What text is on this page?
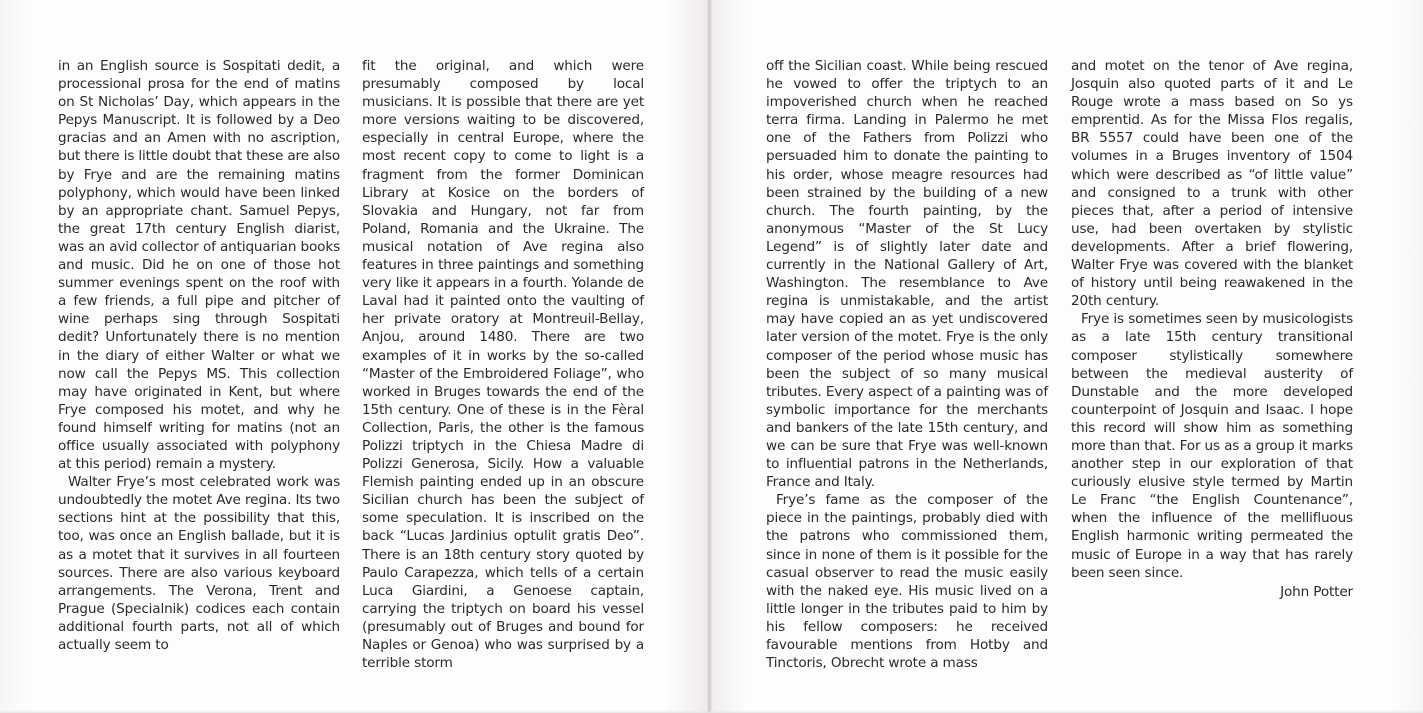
in an English source is Sospitati dedit, a processional prosa for the end of matins on St Nicholas’ Day, which appears in the Pepys Manuscript. It is followed by a Deo gracias and an Amen with no ascription, but there is little doubt that these are also by Frye and are the remaining matins polyphony, which would have been linked by an appropriate chant. Samuel Pepys, the great 17th century English diarist, was an avid collector of antiquarian books and music. Did he on one of those hot summer evenings spent on the roof with a few friends, a full pipe and pitcher of wine perhaps sing through Sospitati dedit? Unfortunately there is no mention in the diary of either Walter or what we now call the Pepys MS. This collection may have originated in Kent, but where Frye composed his motet, and why he found himself writing for matins (not an office usually associated with polyphony at this period) remain a mystery.

Walter Frye’s most celebrated work was undoubtedly the motet Ave regina. Its two sections hint at the possibility that this, too, was once an English ballade, but it is as a motet that it survives in all fourteen sources. There are also various keyboard arrangements. The Verona, Trent and Prague (Specialnik) codices each contain additional fourth parts, not all of which actually seem to

fit the original, and which were presumably composed by local musicians. It is possible that there are yet more versions waiting to be discovered, especially in central Europe, where the most recent copy to come to light is a fragment from the former Dominican Library at Kosice on the borders of Slovakia and Hungary, not far from Poland, Romania and the Ukraine. The musical notation of Ave regina also features in three paintings and something very like it appears in a fourth. Yolande de Laval had it painted onto the vaulting of her private oratory at Montreuil-Bellay, Anjou, around 1480. There are two examples of it in works by the so-called “Master of the Embroidered Foliage”, who worked in Bruges towards the end of the 15th century. One of these is in the Fèral Collection, Paris, the other is the famous Polizzi triptych in the Chiesa Madre di Polizzi Generosa, Sicily. How a valuable Flemish painting ended up in an obscure Sicilian church has been the subject of some speculation. It is inscribed on the back “Lucas Jardinius optulit gratis Deo”. There is an 18th century story quoted by Paulo Carapezza, which tells of a certain Luca Giardini, a Genoese captain, carrying the triptych on board his vessel (presumably out of Bruges and bound for Naples or Genoa) who was surprised by a terrible storm

off the Sicilian coast. While being rescued he vowed to offer the triptych to an impoverished church when he reached terra firma. Landing in Palermo he met one of the Fathers from Polizzi who persuaded him to donate the painting to his order, whose meagre resources had been strained by the building of a new church. The fourth painting, by the anonymous “Master of the St Lucy Legend” is of slightly later date and currently in the National Gallery of Art, Washington. The resemblance to Ave regina is unmistakable, and the artist may have copied an as yet undiscovered later version of the motet. Frye is the only composer of the period whose music has been the subject of so many musical tributes. Every aspect of a painting was of symbolic importance for the merchants and bankers of the late 15th century, and we can be sure that Frye was well-known to influential patrons in the Netherlands, France and Italy.

Frye’s fame as the composer of the piece in the paintings, probably died with the patrons who commissioned them, since in none of them is it possible for the casual observer to read the music easily with the naked eye. His music lived on a little longer in the tributes paid to him by his fellow composers: he received favourable mentions from Hotby and Tinctoris, Obrecht wrote a mass

and motet on the tenor of Ave regina, Josquin also quoted parts of it and Le Rouge wrote a mass based on So ys emprentid. As for the Missa Flos regalis, BR 5557 could have been one of the volumes in a Bruges inventory of 1504 which were described as “of little value” and consigned to a trunk with other pieces that, after a period of intensive use, had been overtaken by stylistic developments. After a brief flowering, Walter Frye was covered with the blanket of history until being reawakened in the 20th century.

Frye is sometimes seen by musicologists as a late 15th century transitional composer stylistically somewhere between the medieval austerity of Dunstable and the more developed counterpoint of Josquin and Isaac. I hope this record will show him as something more than that. For us as a group it marks another step in our exploration of that curiously elusive style termed by Martin Le Franc “the English Countenance”, when the influence of the mellifluous English harmonic writing permeated the music of Europe in a way that has rarely been seen since.

John Potter
